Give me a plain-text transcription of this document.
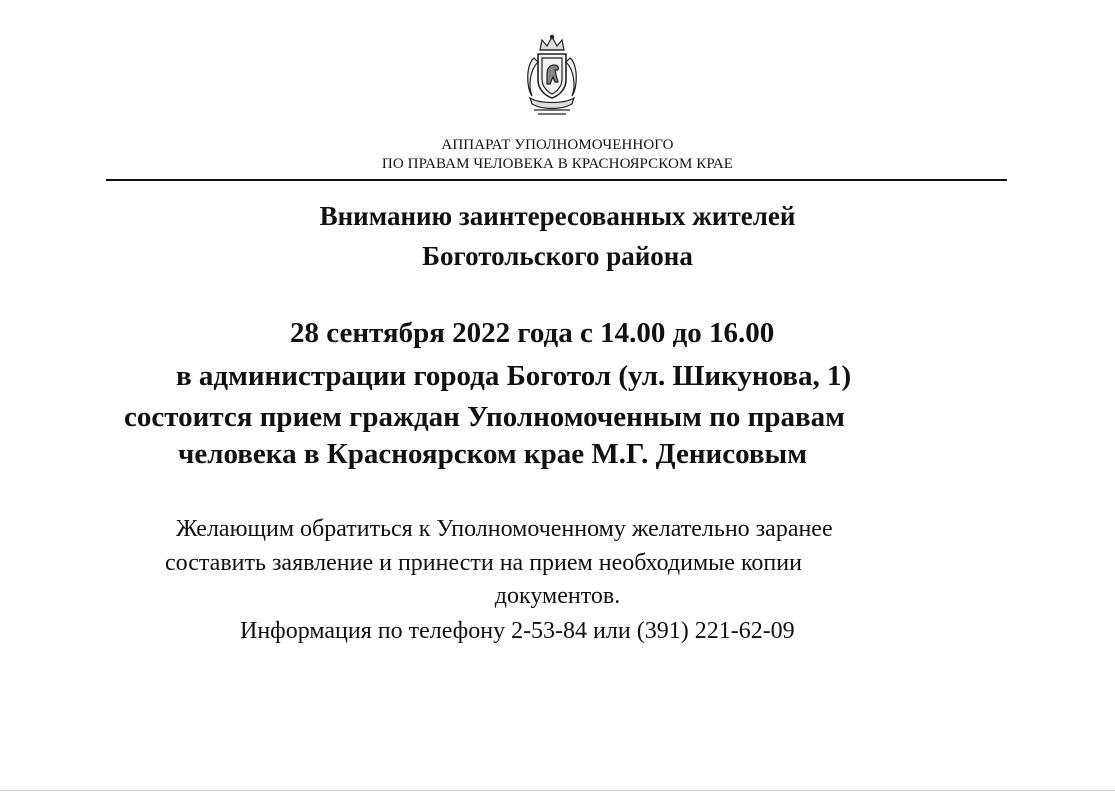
АППАРАТ УПОЛНОМОЧЕННОГО
ПО ПРАВАМ ЧЕЛОВЕКА В КРАСНОЯРСКОМ КРАЕ
Вниманию заинтересованных жителей
Боготольского района
28 сентября 2022 года с 14.00 до 16.00
в администрации города Боготол (ул. Шикунова, 1)
состоится прием граждан Уполномоченным по правам
человека в Красноярском крае М.Г. Денисовым
Желающим обратиться к Уполномоченному желательно заранее
составить заявление и принести на прием необходимые копии
документов.
Информация по телефону 2-53-84 или (391) 221-62-09
